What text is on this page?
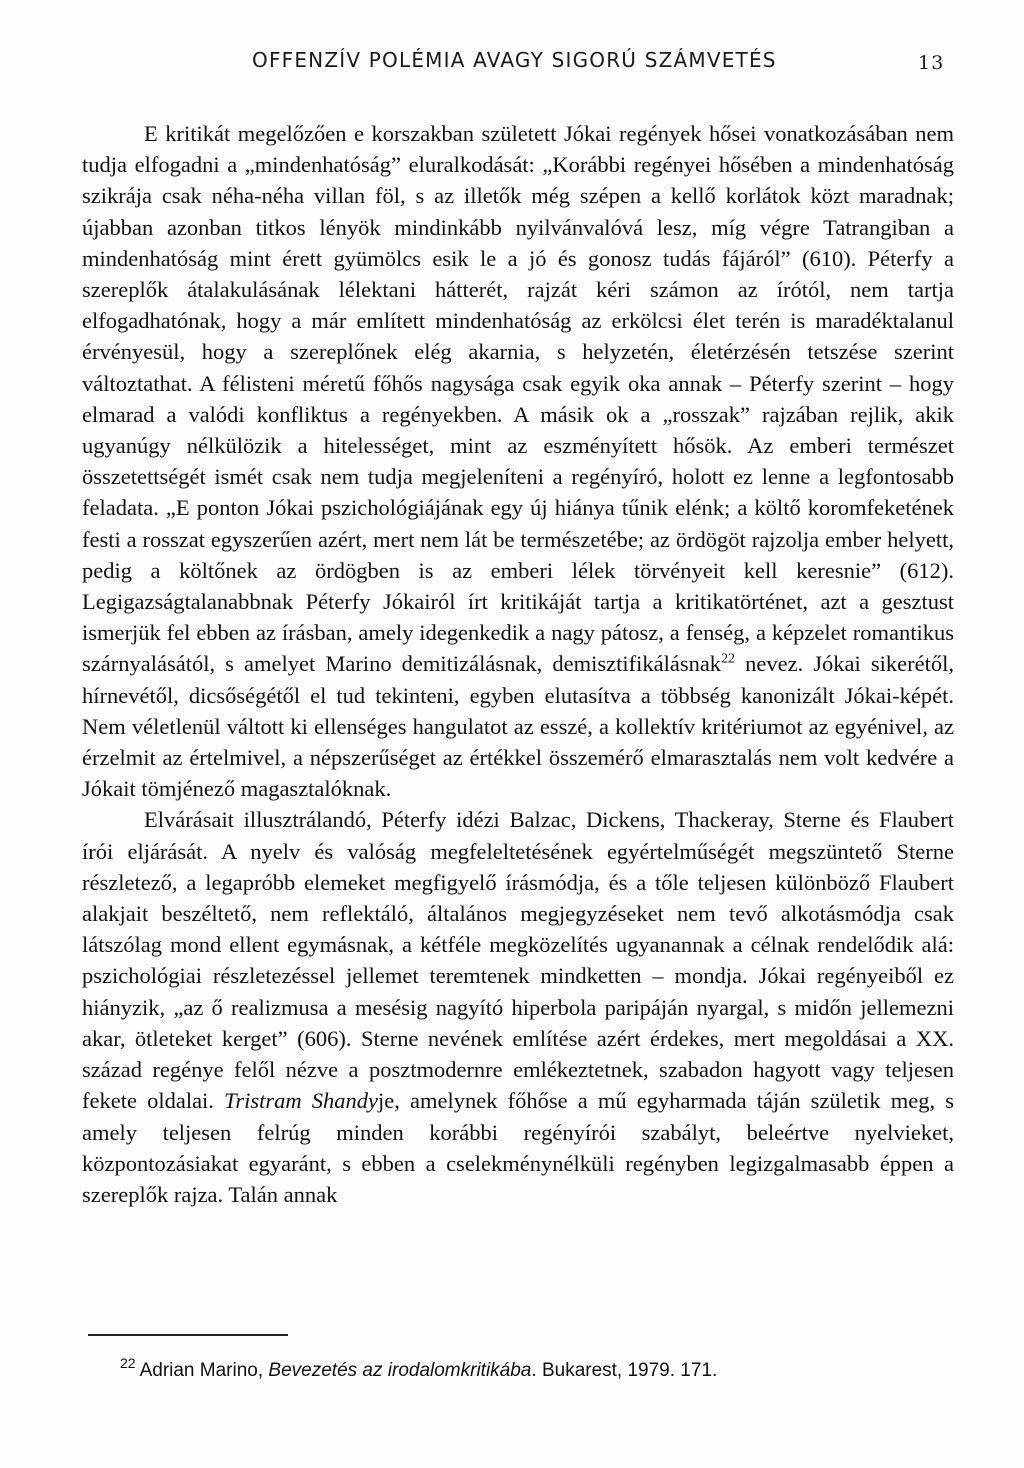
OFFENZÍV POLÉMIA AVAGY SIGORÚ SZÁMVETÉS	13

E kritikát megelőzően e korszakban született Jókai regények hősei vonatkozásában nem tudja elfogadni a „mindenhatóság” eluralkodását: „Korábbi regényei hősében a mindenhatóság szikrája csak néha-néha villan föl, s az illetők még szépen a kellő korlátok közt maradnak; újabban azonban titkos lényök mindinkább nyilvánvalóvá lesz, míg végre Tatrangiban a mindenhatóság mint érett gyümölcs esik le a jó és gonosz tudás fájáról” (610). Péterfy a szereplők átalakulásának lélektani hátterét, rajzát kéri számon az írótól, nem tartja elfogadhatónak, hogy a már említett mindenhatóság az erkölcsi élet terén is maradéktalanul érvényesül, hogy a szereplőnek elég akarnia, s helyzetén, életérzésén tetszése szerint változtathat. A félisteni méretű főhős nagysága csak egyik oka annak – Péterfy szerint – hogy elmarad a valódi konfliktus a regényekben. A másik ok a „rosszak” rajzában rejlik, akik ugyanúgy nélkülözik a hitelességet, mint az eszményített hősök. Az emberi természet összetettségét ismét csak nem tudja megjeleníteni a regényíró, holott ez lenne a legfontosabb feladata. „E ponton Jókai pszichológiájának egy új hiánya tűnik elénk; a költő koromfeketének festi a rosszat egyszerűen azért, mert nem lát be természetébe; az ördögöt rajzolja ember helyett, pedig a költőnek az ördögben is az emberi lélek törvényeit kell keresnie” (612). Legigazságtalanabbnak Péterfy Jókairól írt kritikáját tartja a kritikatörténet, azt a gesztust ismerjük fel ebben az írásban, amely idegenkedik a nagy pátosz, a fenség, a képzelet romantikus szárnyalásától, s amelyet Marino demitizálásnak, demisztifikálásnak$^{22}$ nevez. Jókai sikerétől, hírnevétől, dicsőségétől el tud tekinteni, egyben elutasítva a többség kanonizált Jókai-képét. Nem véletlenül váltott ki ellenséges hangulatot az esszé, a kollektív kritériumot az egyénivel, az érzelmit az értelmivel, a népszerűséget az értékkel összemérő elmarasztalás nem volt kedvére a Jókait tömjénező magasztalóknak.

Elvárásait illusztrálandó, Péterfy idézi Balzac, Dickens, Thackeray, Sterne és Flaubert írói eljárását. A nyelv és valóság megfeleltetésének egyértelműségét megszüntető Sterne részletező, a legapróbb elemeket megfigyelő írásmódja, és a tőle teljesen különböző Flaubert alakjait beszéltető, nem reflektáló, általános megjegyzéseket nem tevő alkotásmódja csak látszólag mond ellent egymásnak, a kétféle megközelítés ugyanannak a célnak rendelődik alá: pszichológiai részletezéssel jellemet teremtenek mindketten – mondja. Jókai regényeiből ez hiányzik, „az ő realizmusa a mesésig nagyító hiperbola paripáján nyargal, s midőn jellemezni akar, ötleteket kerget” (606). Sterne nevének említése azért érdekes, mert megoldásai a XX. század regénye felől nézve a posztmodernre emlékeztetnek, szabadon hagyott vagy teljesen fekete oldalai. Tristram Shandyje, amelynek főhőse a mű egyharmada táján születik meg, s amely teljesen felrúg minden korábbi regényírói szabályt, beleértve nyelvieket, központozásiakat egyaránt, s ebben a cselekménynélküli regényben legizgalmasabb éppen a szereplők rajza. Talán annak

$^{22}$ Adrian Marino, Bevezetés az irodalomkritikába. Bukarest, 1979. 171.
